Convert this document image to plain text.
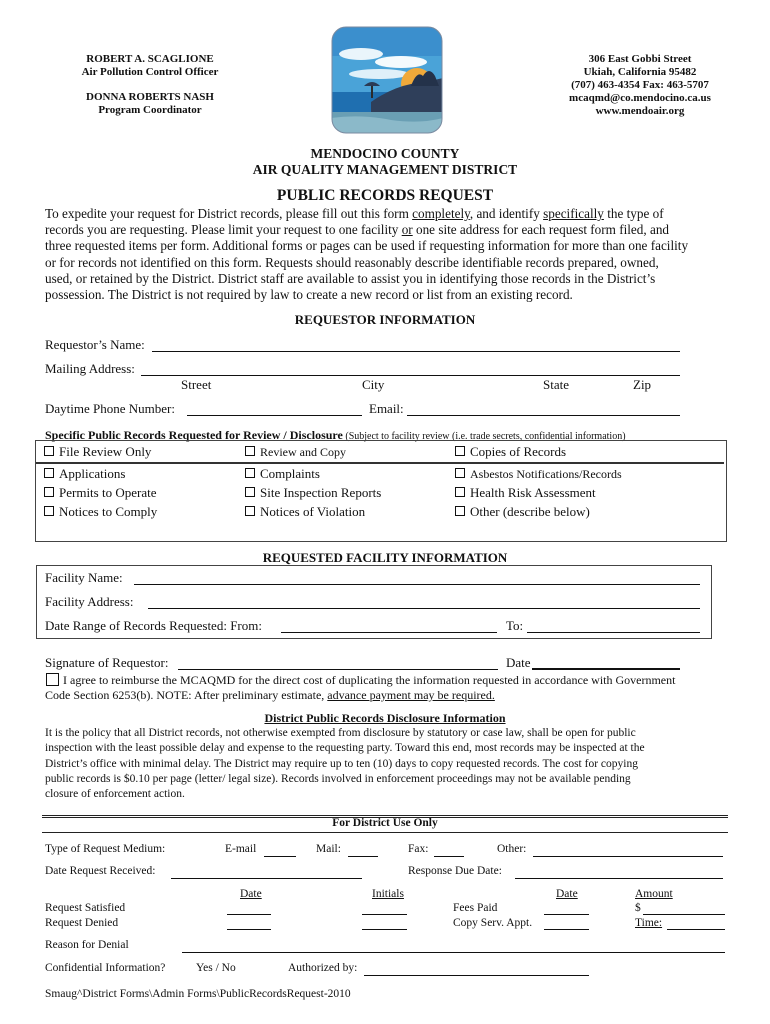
ROBERT A. SCAGLIONE
Air Pollution Control Officer
DONNA ROBERTS NASH
Program Coordinator
306 East Gobbi Street
Ukiah, California 95482
(707) 463-4354 Fax: 463-5707
mcaqmd@co.mendocino.ca.us
www.mendoair.org
MENDOCINO COUNTY
AIR QUALITY MANAGEMENT DISTRICT
PUBLIC RECORDS REQUEST
To expedite your request for District records, please fill out this form completely, and identify specifically the type of
records you are requesting. Please limit your request to one facility or one site address for each request form filed, and
three requested items per form. Additional forms or pages can be used if requesting information for more than one facility
or for records not identified on this form. Requests should reasonably describe identifiable records prepared, owned,
used, or retained by the District. District staff are available to assist you in identifying those records in the District’s
possession. The District is not required by law to create a new record or list from an existing record.
REQUESTOR INFORMATION
Requestor’s Name:
Mailing Address:
Street	City	State	Zip
Daytime Phone Number:	Email:
Specific Public Records Requested for Review / Disclosure (Subject to facility review (i.e. trade secrets, confidential information)
File Review Only	Review and Copy	Copies of Records
Applications	Complaints	Asbestos Notifications/Records
Permits to Operate	Site Inspection Reports	Health Risk Assessment
Notices to Comply	Notices of Violation	Other (describe below)
REQUESTED FACILITY INFORMATION
Facility Name:
Facility Address:
Date Range of Records Requested: From:	To:
Signature of Requestor:	Date
I agree to reimburse the MCAQMD for the direct cost of duplicating the information requested in accordance with Government
Code Section 6253(b). NOTE: After preliminary estimate, advance payment may be required.
District Public Records Disclosure Information
It is the policy that all District records, not otherwise exempted from disclosure by statutory or case law, shall be open for public
inspection with the least possible delay and expense to the requesting party. Toward this end, most records may be inspected at the
District’s office with minimal delay. The District may require up to ten (10) days to copy requested records. The cost for copying
public records is $0.10 per page (letter/ legal size). Records involved in enforcement proceedings may not be available pending
closure of enforcement action.
For District Use Only
Type of Request Medium:	E-mail	Mail:	Fax:	Other:
Date Request Received:	Response Due Date:
Date	Initials	Date	Amount
Request Satisfied	Fees Paid	$
Request Denied	Copy Serv. Appt.	Time:
Reason for Denial
Confidential Information?	Yes / No	Authorized by:
Smaug^District Forms\Admin Forms\PublicRecordsRequest-2010
